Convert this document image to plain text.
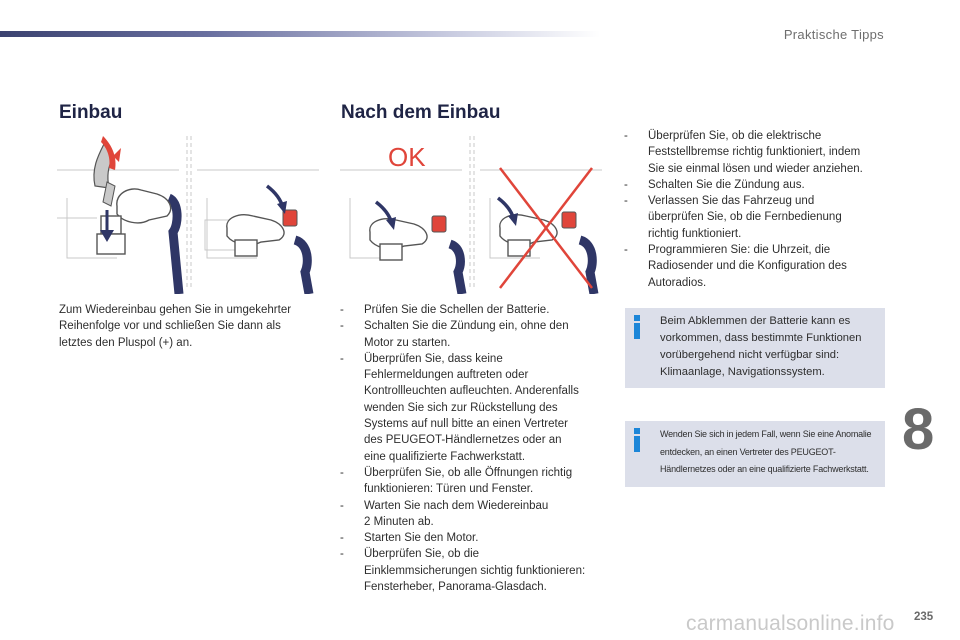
Praktische Tipps
Einbau	Nach dem Einbau
OK
Zum Wiedereinbau gehen Sie in umgekehrter Reihenfolge vor und schließen Sie dann als letztes den Pluspol (+) an.
- Prüfen Sie die Schellen der Batterie.
- Schalten Sie die Zündung ein, ohne den
Motor zu starten.
- Überprüfen Sie, dass keine
Fehlermeldungen auftreten oder
Kontrollleuchten aufleuchten. Anderenfalls
wenden Sie sich zur Rückstellung des
Systems auf null bitte an einen Vertreter
des PEUGEOT-Händlernetzes oder an
eine qualifizierte Fachwerkstatt.
- Überprüfen Sie, ob alle Öffnungen richtig
funktionieren: Türen und Fenster.
- Warten Sie nach dem Wiedereinbau
2 Minuten ab.
- Starten Sie den Motor.
- Überprüfen Sie, ob die
Einklemmsicherungen sichtig funktionieren:
Fensterheber, Panorama-Glasdach.
- Überprüfen Sie, ob die elektrische
Feststellbremse richtig funktioniert, indem
Sie sie einmal lösen und wieder anziehen.
- Schalten Sie die Zündung aus.
- Verlassen Sie das Fahrzeug und
überprüfen Sie, ob die Fernbedienung
richtig funktioniert.
- Programmieren Sie: die Uhrzeit, die
Radiosender und die Konfiguration des
Autoradios.
Beim Abklemmen der Batterie kann es
vorkommen, dass bestimmte Funktionen
vorübergehend nicht verfügbar sind:
Klimaanlage, Navigationssystem.
Wenden Sie sich in jedem Fall, wenn Sie eine Anomalie
entdecken, an einen Vertreter des PEUGEOT-
Händlernetzes oder an eine qualifizierte Fachwerkstatt.
8
carmanualsonline.info 235
